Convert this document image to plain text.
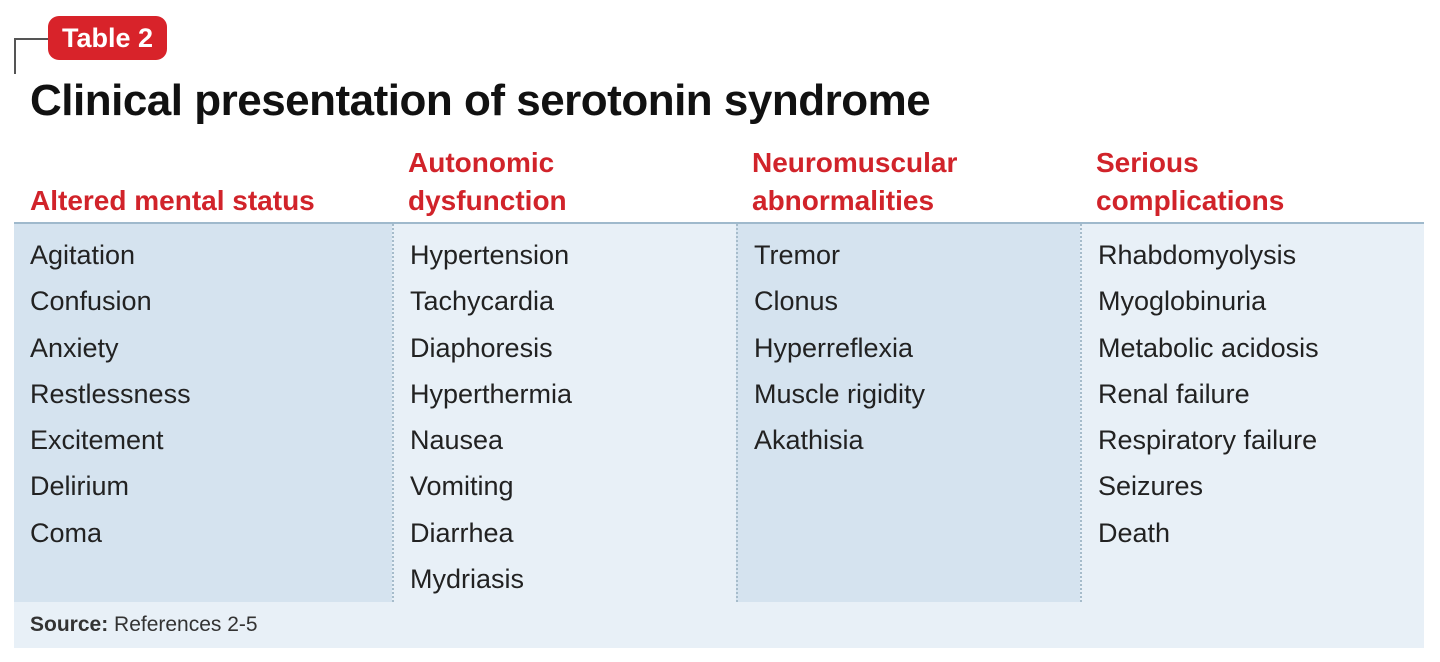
Table 2
Clinical presentation of serotonin syndrome
Altered mental status
Autonomic
dysfunction
Neuromuscular
abnormalities
Serious
complications
Agitation
Confusion
Anxiety
Restlessness
Excitement
Delirium
Coma
Hypertension
Tachycardia
Diaphoresis
Hyperthermia
Nausea
Vomiting
Diarrhea
Mydriasis
Tremor
Clonus
Hyperreflexia
Muscle rigidity
Akathisia
Rhabdomyolysis
Myoglobinuria
Metabolic acidosis
Renal failure
Respiratory failure
Seizures
Death
Source: References 2-5
